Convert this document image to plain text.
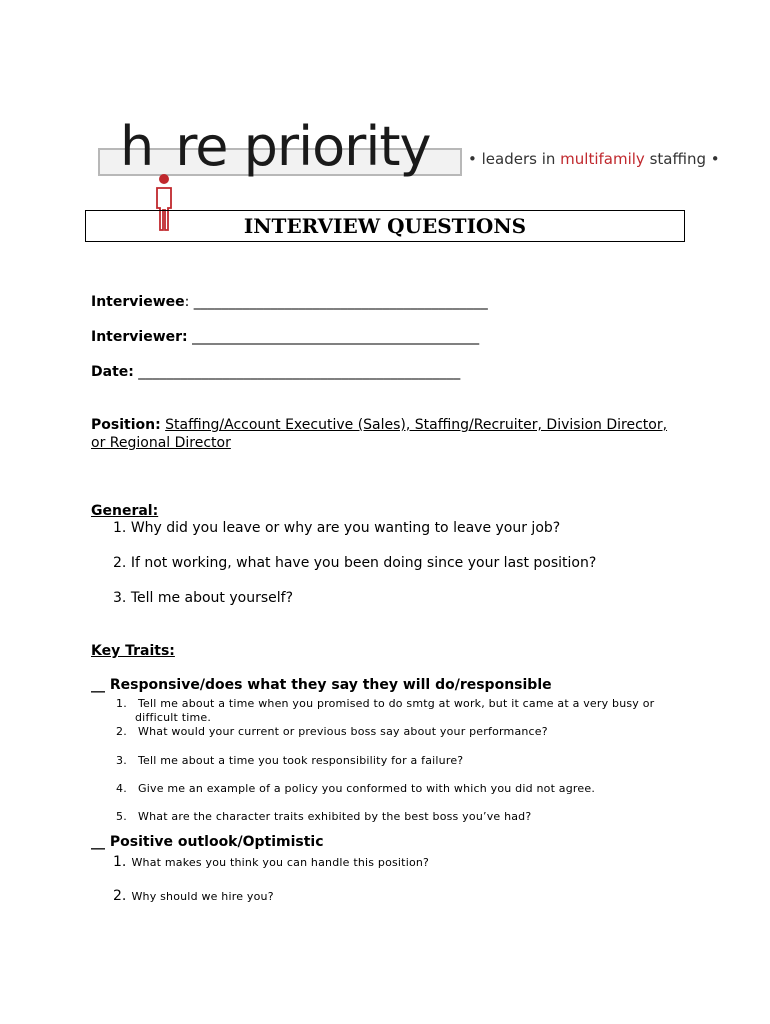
h re priority	• leaders in multifamily staffing •
INTERVIEW QUESTIONS
Interviewee: __________________________________________
Interviewer: _________________________________________
Date: ______________________________________________
Position: Staffing/Account Executive (Sales), Staffing/Recruiter, Division Director,
or Regional Director
General:
1. Why did you leave or why are you wanting to leave your job?
2. If not working, what have you been doing since your last position?
3. Tell me about yourself?
Key Traits:
__ Responsive/does what they say they will do/responsible
1. Tell me about a time when you promised to do smtg at work, but it came at a very busy or
difficult time.
2. What would your current or previous boss say about your performance?
3. Tell me about a time you took responsibility for a failure?
4. Give me an example of a policy you conformed to with which you did not agree.
5. What are the character traits exhibited by the best boss you’ve had?
__ Positive outlook/Optimistic
1. What makes you think you can handle this position?
2. Why should we hire you?
